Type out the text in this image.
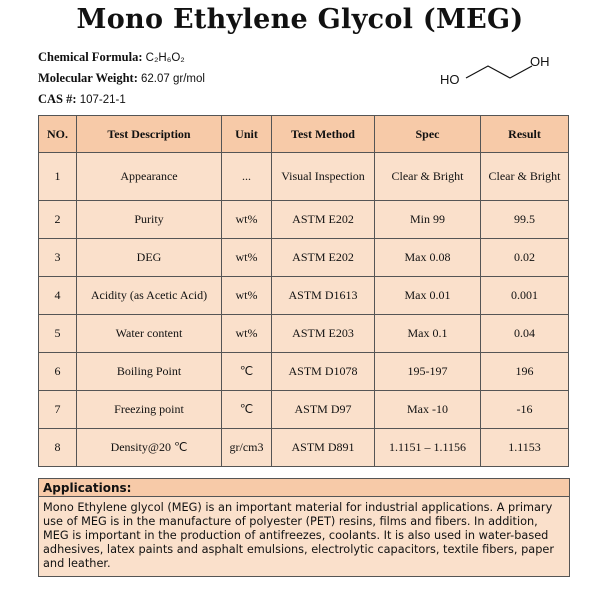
Mono Ethylene Glycol (MEG)
Chemical Formula: C₂H₆O₂
Molecular Weight: 62.07 gr/mol
CAS #: 107-21-1
HO
OH
NO.	Test Description	Unit	Test Method	Spec	Result
1	Appearance	...	Visual Inspection	Clear & Bright	Clear & Bright
2	Purity	wt%	ASTM E202	Min 99	99.5
3	DEG	wt%	ASTM E202	Max 0.08	0.02
4	Acidity (as Acetic Acid)	wt%	ASTM D1613	Max 0.01	0.001
5	Water content	wt%	ASTM E203	Max 0.1	0.04
6	Boiling Point	℃	ASTM D1078	195-197	196
7	Freezing point	℃	ASTM D97	Max -10	-16
8	Density@20 ℃	gr/cm3	ASTM D891	1.1151 – 1.1156	1.1153
Applications:
Mono Ethylene glycol (MEG) is an important material for industrial applications. A primary use of MEG is in the manufacture of polyester (PET) resins, films and fibers. In addition, MEG is important in the production of antifreezes, coolants. It is also used in water-based adhesives, latex paints and asphalt emulsions, electrolytic capacitors, textile fibers, paper and leather.
